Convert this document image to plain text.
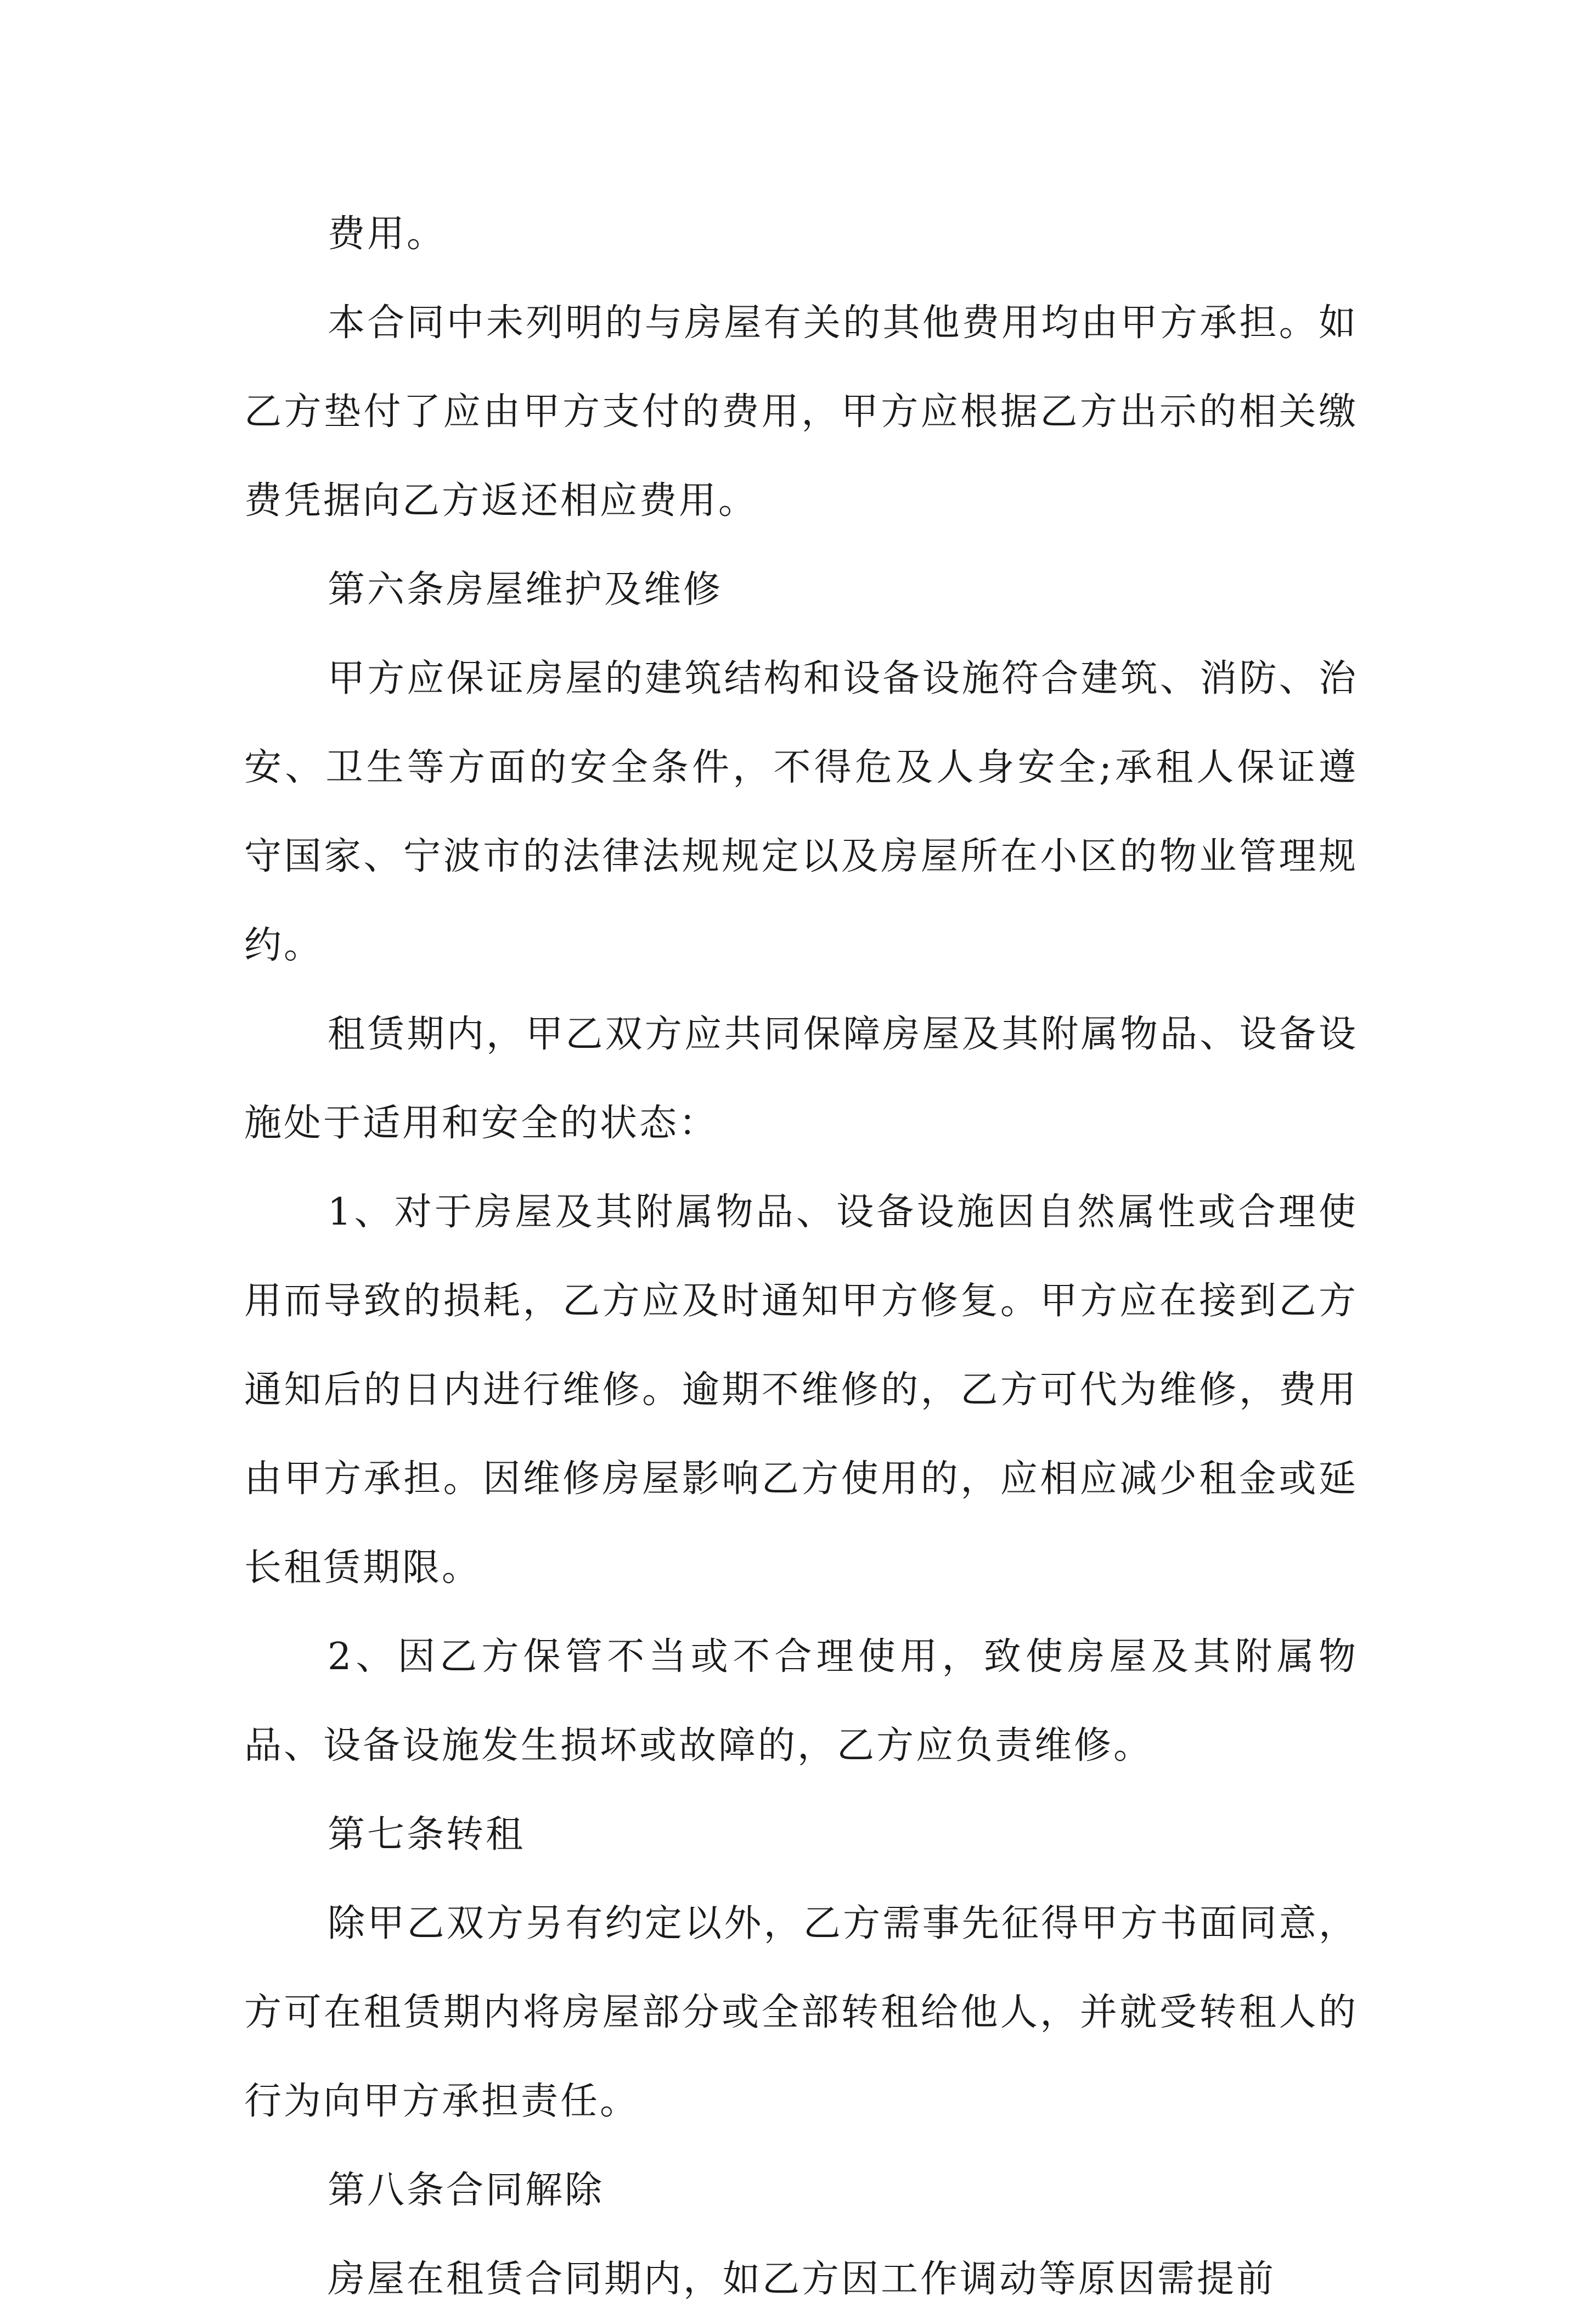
费用。

本合同中未列明的与房屋有关的其他费用均由甲方承担。如乙方垫付了应由甲方支付的费用，甲方应根据乙方出示的相关缴费凭据向乙方返还相应费用。

第六条房屋维护及维修

甲方应保证房屋的建筑结构和设备设施符合建筑、消防、治安、卫生等方面的安全条件，不得危及人身安全;承租人保证遵守国家、宁波市的法律法规规定以及房屋所在小区的物业管理规约。

租赁期内，甲乙双方应共同保障房屋及其附属物品、设备设施处于适用和安全的状态：

1、对于房屋及其附属物品、设备设施因自然属性或合理使用而导致的损耗，乙方应及时通知甲方修复。甲方应在接到乙方通知后的日内进行维修。逾期不维修的，乙方可代为维修，费用由甲方承担。因维修房屋影响乙方使用的，应相应减少租金或延长租赁期限。

2、因乙方保管不当或不合理使用，致使房屋及其附属物品、设备设施发生损坏或故障的，乙方应负责维修。

第七条转租

除甲乙双方另有约定以外，乙方需事先征得甲方书面同意，方可在租赁期内将房屋部分或全部转租给他人，并就受转租人的行为向甲方承担责任。

第八条合同解除

房屋在租赁合同期内，如乙方因工作调动等原因需提前
